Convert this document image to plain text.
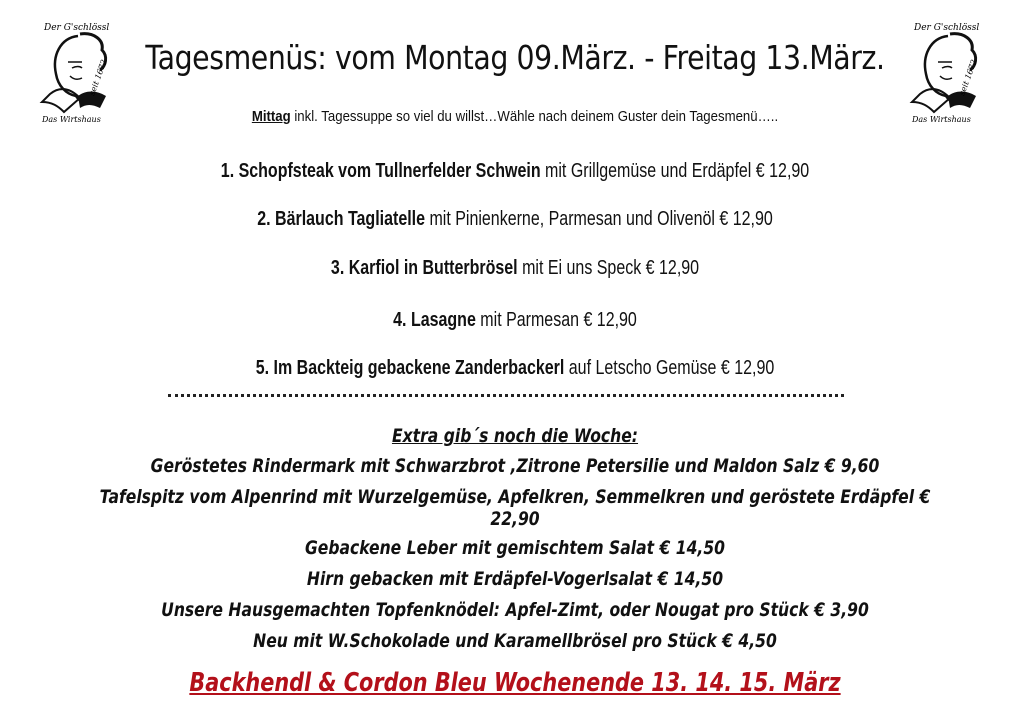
Der G'schlössl
seit 1672
Das Wirtshaus
Der G'schlössl
seit 1672
Das Wirtshaus
Tagesmenüs: vom Montag 09.März. - Freitag 13.März.
Mittag inkl. Tagessuppe so viel du willst…Wähle nach deinem Guster dein Tagesmenü…..
1. Schopfsteak vom Tullnerfelder Schwein mit Grillgemüse und Erdäpfel € 12,90
2. Bärlauch Tagliatelle mit Pinienkerne, Parmesan und Olivenöl € 12,90
3. Karfiol in Butterbrösel mit Ei uns Speck € 12,90
4. Lasagne mit Parmesan € 12,90
5. Im Backteig gebackene Zanderbackerl auf Letscho Gemüse € 12,90
Extra gib´s noch die Woche:
Geröstetes Rindermark mit Schwarzbrot ,Zitrone Petersilie und Maldon Salz € 9,60
Tafelspitz vom Alpenrind mit Wurzelgemüse, Apfelkren, Semmelkren und geröstete Erdäpfel € 22,90
Gebackene Leber mit gemischtem Salat € 14,50
Hirn gebacken mit Erdäpfel-Vogerlsalat € 14,50
Unsere Hausgemachten Topfenknödel: Apfel-Zimt, oder Nougat pro Stück € 3,90
Neu mit W.Schokolade und Karamellbrösel pro Stück € 4,50
Backhendl & Cordon Bleu Wochenende 13. 14. 15. März
